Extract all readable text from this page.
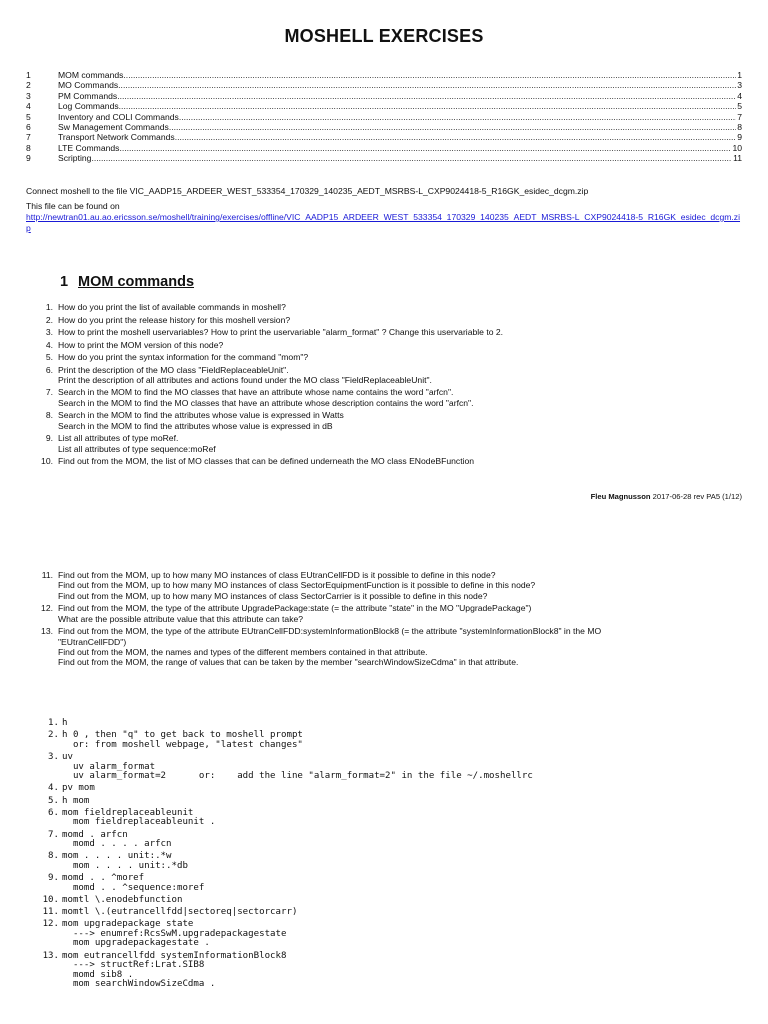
MOSHELL EXERCISES
1	MOM commands .....	1
2	MO Commands .....	3
3	PM Commands .....	4
4	Log Commands .....	5
5	Inventory and COLI Commands .....	7
6	Sw Management Commands .....	8
7	Transport Network Commands .....	9
8	LTE Commands .....	10
9	Scripting .....	11
Connect moshell to the file VIC_AADP15_ARDEER_WEST_533354_170329_140235_AEDT_MSRBS-L_CXP9024418-5_R16GK_esidec_dcgm.zip
This file can be found on
http://newtran01.au.ao.ericsson.se/moshell/training/exercises/offline/VIC_AADP15_ARDEER_WEST_533354_170329_140235_AEDT_MSRBS-L_CXP9024418-5_R16GK_esidec_dcgm.zip
1 MOM commands
1. How do you print the list of available commands in moshell?
2. How do you print the release history for this moshell version?
3. How to print the moshell uservariables? How to print the uservariable "alarm_format" ? Change this uservariable to 2.
4. How to print the MOM version of this node?
5. How do you print the syntax information for the command "mom"?
6. Print the description of the MO class "FieldReplaceableUnit".
Print the description of all attributes and actions found under the MO class "FieldReplaceableUnit".
7. Search in the MOM to find the MO classes that have an attribute whose name contains the word "arfcn".
Search in the MOM to find the MO classes that have an attribute whose description contains the word "arfcn".
8. Search in the MOM to find the attributes whose value is expressed in Watts
Search in the MOM to find the attributes whose value is expressed in dB
9. List all attributes of type moRef.
List all attributes of type sequence:moRef
10. Find out from the MOM, the list of MO classes that can be defined underneath the MO class ENodeBFunction
Fleu Magnusson 2017-06-28 rev PA5 (1/12)
11. Find out from the MOM, up to how many MO instances of class EUtranCellFDD is it possible to define in this node?
Find out from the MOM, up to how many MO instances of class SectorEquipmentFunction is it possible to define in this node?
Find out from the MOM, up to how many MO instances of class SectorCarrier is it possible to define in this node?
12. Find out from the MOM, the type of the attribute UpgradePackage:state (= the attribute "state" in the MO "UpgradePackage")
What are the possible attribute value that this attribute can take?
13. Find out from the MOM, the type of the attribute EUtranCellFDD:systemInformationBlock8 (= the attribute "systemInformationBlock8" in the MO
"EUtranCellFDD")
Find out from the MOM, the names and types of the different members contained in that attribute.
Find out from the MOM, the range of values that can be taken by the member "searchWindowSizeCdma" in that attribute.
1. h
2. h 0 , then "q" to get back to moshell prompt
or: from moshell webpage, "latest changes"
3. uv
uv alarm_format
uv alarm_format=2      or:    add the line "alarm_format=2" in the file ~/.moshellrc
4. pv mom
5. h mom
6. mom fieldreplaceableunit
mom fieldreplaceableunit .
7. momd . arfcn
momd . . . . arfcn
8. mom . . . . unit:.*w
mom . . . . unit:.*db
9. momd . . ^moref
momd . . ^sequence:moref
10. momtl \.enodebfunction
11. momtl \.(eutrancellfdd|sectoreq|sectorcarr)
12. mom upgradepackage state
---> enumref:RcsSwM.upgradepackagestate
mom upgradepackagestate .
13. mom eutrancellfdd systemInformationBlock8
---> structRef:Lrat.SIB8
momd sib8 .
mom searchWindowSizeCdma .
